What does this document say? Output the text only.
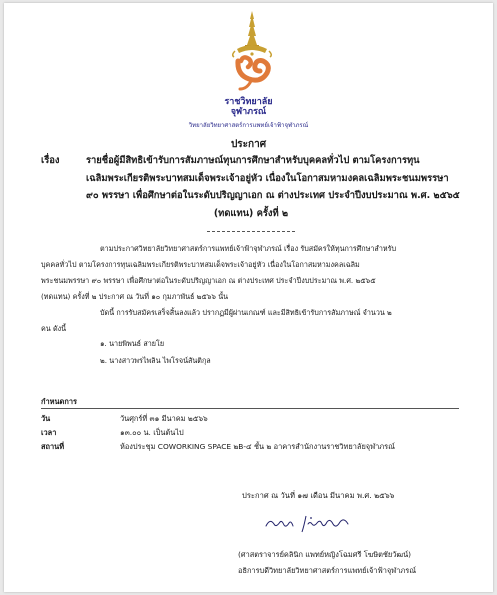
ราชวิทยาลัย
จุฬาภรณ์
วิทยาลัยวิทยาศาสตร์การแพทย์เจ้าฟ้าจุฬาภรณ์
ประกาศ
เรื่อง	รายชื่อผู้มีสิทธิเข้ารับการสัมภาษณ์ทุนการศึกษาสำหรับบุคคลทั่วไป ตามโครงการทุน
เฉลิมพระเกียรติพระบาทสมเด็จพระเจ้าอยู่หัว เนื่องในโอกาสมหามงคลเฉลิมพระชนมพรรษา
๙๐ พรรษา เพื่อศึกษาต่อในระดับปริญญาเอก ณ ต่างประเทศ ประจำปีงบประมาณ พ.ศ. ๒๕๖๕
(ทดแทน) ครั้งที่ ๒
ตามประกาศวิทยาลัยวิทยาศาสตร์การแพทย์เจ้าฟ้าจุฬาภรณ์ เรื่อง รับสมัครให้ทุนการศึกษาสำหรับ
บุคคลทั่วไป ตามโครงการทุนเฉลิมพระเกียรติพระบาทสมเด็จพระเจ้าอยู่หัว เนื่องในโอกาสมหามงคลเฉลิม
พระชนมพรรษา ๙๐ พรรษา เพื่อศึกษาต่อในระดับปริญญาเอก ณ ต่างประเทศ ประจำปีงบประมาณ พ.ศ. ๒๕๖๕
(ทดแทน) ครั้งที่ ๒ ประกาศ ณ วันที่ ๑๐ กุมภาพันธ์ ๒๕๖๖ นั้น
บัดนี้ การรับสมัครเสร็จสิ้นลงแล้ว ปรากฏมีผู้ผ่านเกณฑ์ และมีสิทธิเข้ารับการสัมภาษณ์ จำนวน ๒
คน ดังนี้
๑. นายพิพนธ์ สายโย
๒. นางสาวพรไพลิน ไพโรจน์สันติกุล
กำหนดการ
วัน	วันศุกร์ที่ ๓๑ มีนาคม ๒๕๖๖
เวลา	๑๓.๐๐ น. เป็นต้นไป
สถานที่	ห้องประชุม COWORKING SPACE ๒B-๔ ชั้น ๒ อาคารสำนักงานราชวิทยาลัยจุฬาภรณ์
ประกาศ ณ วันที่ ๑๗ เดือน มีนาคม พ.ศ. ๒๕๖๖
(ศาสตราจารย์คลินิก แพทย์หญิงโฉมศรี โฆษิตชัยวัฒน์)
อธิการบดีวิทยาลัยวิทยาศาสตร์การแพทย์เจ้าฟ้าจุฬาภรณ์
